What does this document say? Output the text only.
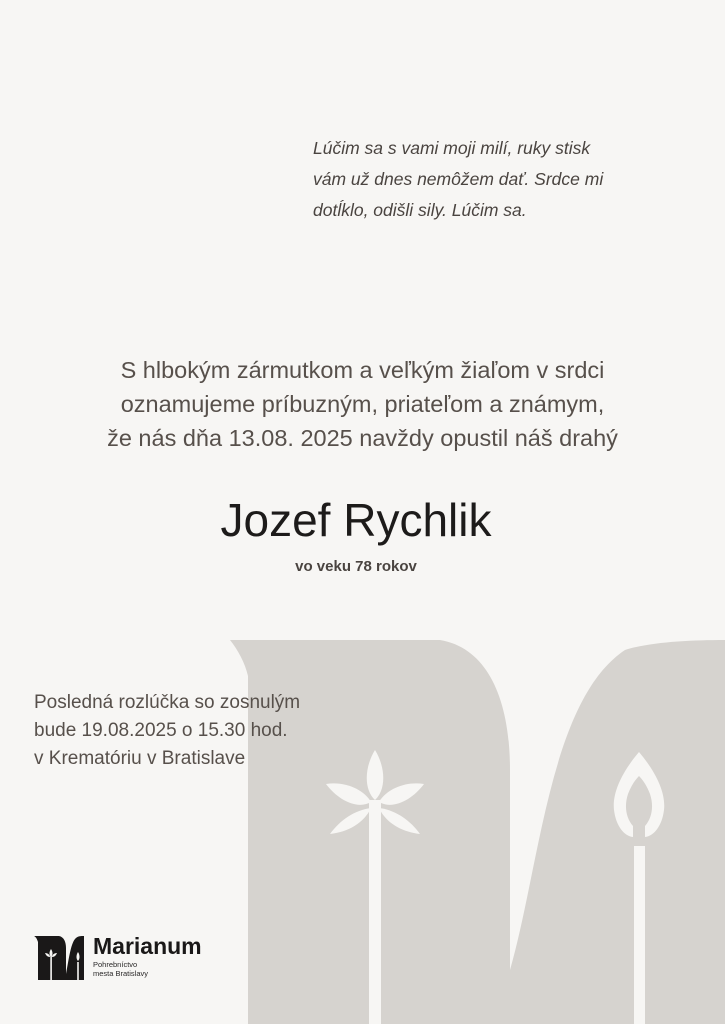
Lúčim sa s vami moji milí, ruky stisk
vám už dnes nemôžem dať. Srdce mi
dotĺklo, odišli sily. Lúčim sa.
S hlbokým zármutkom a veľkým žiaľom v srdci
oznamujeme príbuzným, priateľom a známym,
že nás dňa 13.08. 2025 navždy opustil náš drahý
Jozef Rychlik
vo veku 78 rokov
Posledná rozlúčka so zosnulým
bude 19.08.2025 o 15.30 hod.
v Krematóriu v Bratislave
Marianum
Pohrebníctvo
mesta Bratislavy
